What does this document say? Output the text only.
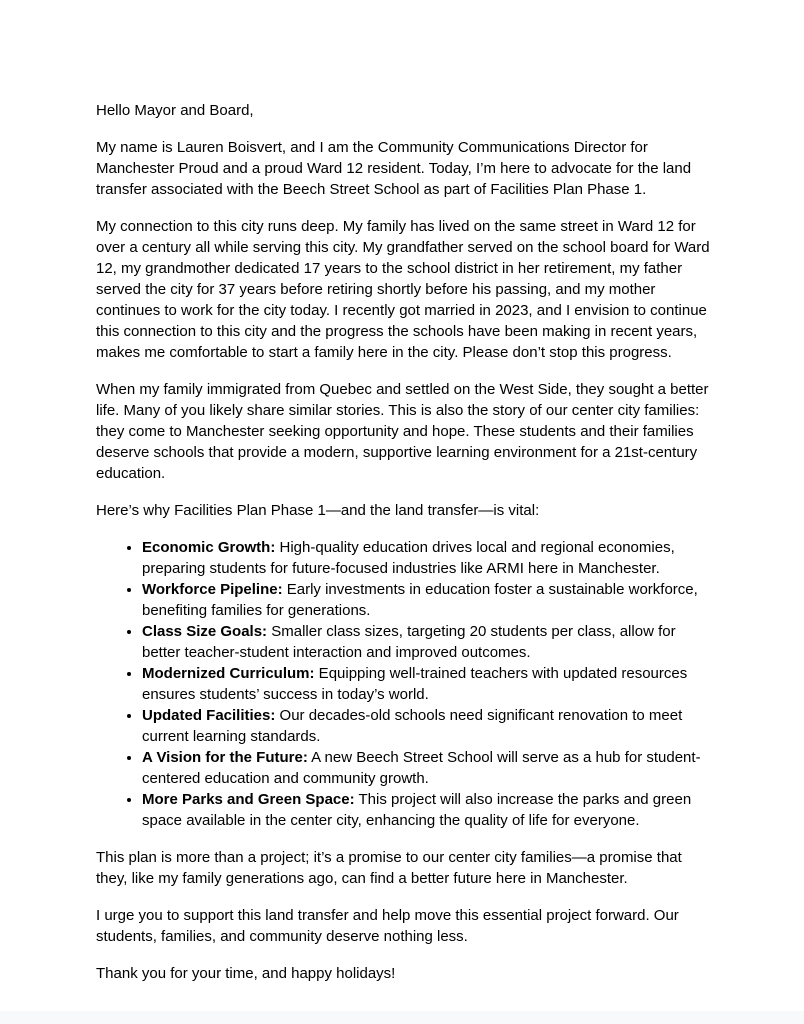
Hello Mayor and Board,

My name is Lauren Boisvert, and I am the Community Communications Director for Manchester Proud and a proud Ward 12 resident. Today, I’m here to advocate for the land transfer associated with the Beech Street School as part of Facilities Plan Phase 1.

My connection to this city runs deep. My family has lived on the same street in Ward 12 for over a century all while serving this city. My grandfather served on the school board for Ward 12, my grandmother dedicated 17 years to the school district in her retirement, my father served the city for 37 years before retiring shortly before his passing, and my mother continues to work for the city today. I recently got married in 2023, and I envision to continue this connection to this city and the progress the schools have been making in recent years, makes me comfortable to start a family here in the city. Please don’t stop this progress.

When my family immigrated from Quebec and settled on the West Side, they sought a better life. Many of you likely share similar stories. This is also the story of our center city families: they come to Manchester seeking opportunity and hope. These students and their families deserve schools that provide a modern, supportive learning environment for a 21st-century education.

Here’s why Facilities Plan Phase 1—and the land transfer—is vital:

• Economic Growth: High-quality education drives local and regional economies, preparing students for future-focused industries like ARMI here in Manchester.
• Workforce Pipeline: Early investments in education foster a sustainable workforce, benefiting families for generations.
• Class Size Goals: Smaller class sizes, targeting 20 students per class, allow for better teacher-student interaction and improved outcomes.
• Modernized Curriculum: Equipping well-trained teachers with updated resources ensures students’ success in today’s world.
• Updated Facilities: Our decades-old schools need significant renovation to meet current learning standards.
• A Vision for the Future: A new Beech Street School will serve as a hub for student-centered education and community growth.
• More Parks and Green Space: This project will also increase the parks and green space available in the center city, enhancing the quality of life for everyone.

This plan is more than a project; it’s a promise to our center city families—a promise that they, like my family generations ago, can find a better future here in Manchester.

I urge you to support this land transfer and help move this essential project forward. Our students, families, and community deserve nothing less.

Thank you for your time, and happy holidays!
